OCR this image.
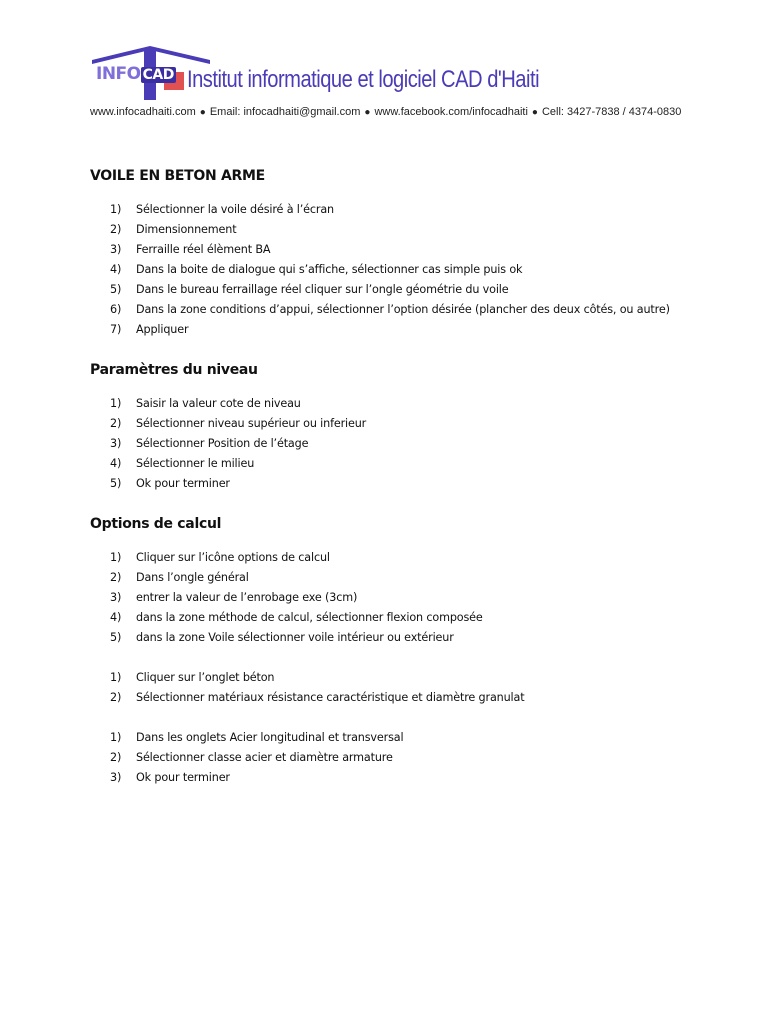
INFO CAD Institut informatique et logiciel CAD d'Haiti
www.infocadhaiti.com ● Email: infocadhaiti@gmail.com ● www.facebook.com/infocadhaiti ● Cell: 3427-7838 / 4374-0830
VOILE EN BETON ARME
1)	Sélectionner la voile désiré à l’écran
2)	Dimensionnement
3)	Ferraille réel élèment BA
4)	Dans la boite de dialogue qui s’affiche, sélectionner cas simple puis ok
5)	Dans le bureau ferraillage réel cliquer sur l’ongle géométrie du voile
6)	Dans la zone conditions d’appui, sélectionner l’option désirée (plancher des deux côtés, ou autre)
7)	Appliquer
Paramètres du niveau
1)	Saisir la valeur cote de niveau
2)	Sélectionner niveau supérieur ou inferieur
3)	Sélectionner Position de l’étage
4)	Sélectionner le milieu
5)	Ok pour terminer
Options de calcul
1)	Cliquer sur l’icône options de calcul
2)	Dans l’ongle général
3)	entrer la valeur de l’enrobage exe (3cm)
4)	dans la zone méthode de calcul, sélectionner flexion composée
5)	dans la zone Voile sélectionner voile intérieur ou extérieur
1)	Cliquer sur l’onglet béton
2)	Sélectionner matériaux résistance caractéristique et diamètre granulat
1)	Dans les onglets Acier longitudinal et transversal
2)	Sélectionner classe acier et diamètre armature
3)	Ok pour terminer
